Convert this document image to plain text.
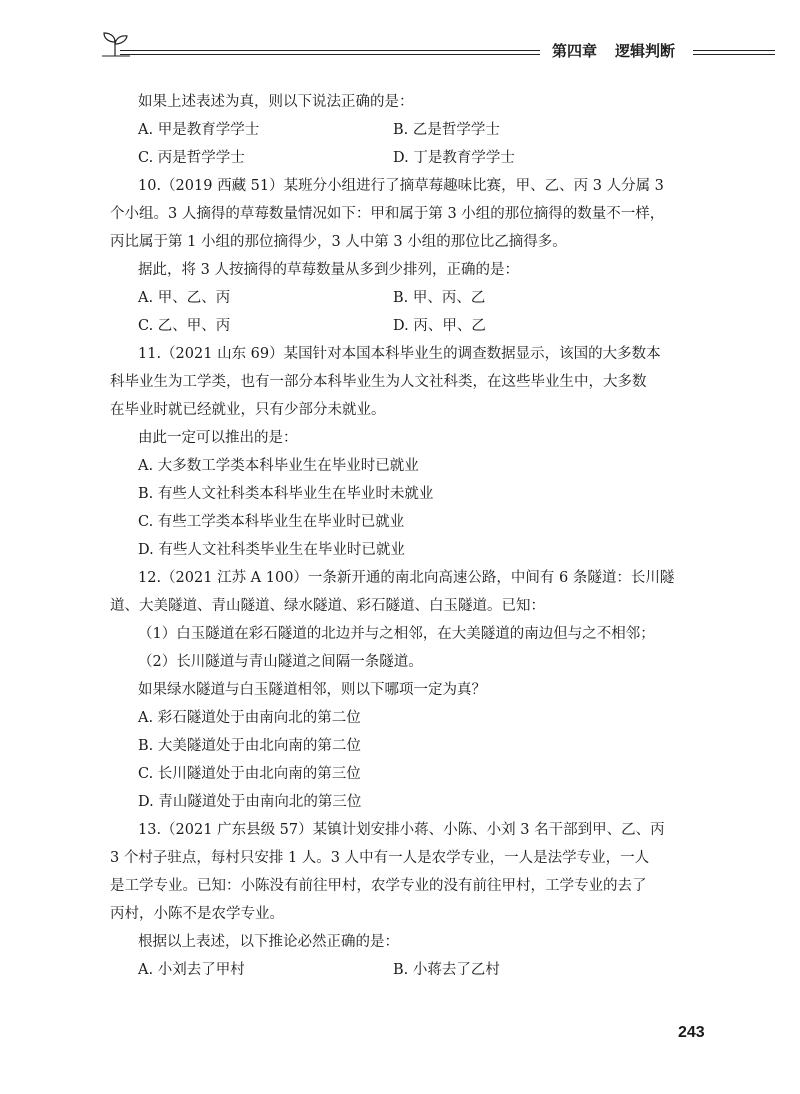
第四章 逻辑判断
如果上述表述为真，则以下说法正确的是：
A. 甲是教育学学士	B. 乙是哲学学士
C. 丙是哲学学士	D. 丁是教育学学士
10.（2019 西藏 51）某班分小组进行了摘草莓趣味比赛，甲、乙、丙 3 人分属 3
个小组。3 人摘得的草莓数量情况如下：甲和属于第 3 小组的那位摘得的数量不一样，
丙比属于第 1 小组的那位摘得少，3 人中第 3 小组的那位比乙摘得多。
据此，将 3 人按摘得的草莓数量从多到少排列，正确的是：
A. 甲、乙、丙	B. 甲、丙、乙
C. 乙、甲、丙	D. 丙、甲、乙
11.（2021 山东 69）某国针对本国本科毕业生的调查数据显示，该国的大多数本
科毕业生为工学类，也有一部分本科毕业生为人文社科类，在这些毕业生中，大多数
在毕业时就已经就业，只有少部分未就业。
由此一定可以推出的是：
A. 大多数工学类本科毕业生在毕业时已就业
B. 有些人文社科类本科毕业生在毕业时未就业
C. 有些工学类本科毕业生在毕业时已就业
D. 有些人文社科类毕业生在毕业时已就业
12.（2021 江苏 A 100）一条新开通的南北向高速公路，中间有 6 条隧道：长川隧
道、大美隧道、青山隧道、绿水隧道、彩石隧道、白玉隧道。已知：
（1）白玉隧道在彩石隧道的北边并与之相邻，在大美隧道的南边但与之不相邻；
（2）长川隧道与青山隧道之间隔一条隧道。
如果绿水隧道与白玉隧道相邻，则以下哪项一定为真？
A. 彩石隧道处于由南向北的第二位
B. 大美隧道处于由北向南的第二位
C. 长川隧道处于由北向南的第三位
D. 青山隧道处于由南向北的第三位
13.（2021 广东县级 57）某镇计划安排小蒋、小陈、小刘 3 名干部到甲、乙、丙
3 个村子驻点，每村只安排 1 人。3 人中有一人是农学专业，一人是法学专业，一人
是工学专业。已知：小陈没有前往甲村，农学专业的没有前往甲村，工学专业的去了
丙村，小陈不是农学专业。
根据以上表述，以下推论必然正确的是：
A. 小刘去了甲村	B. 小蒋去了乙村
243
